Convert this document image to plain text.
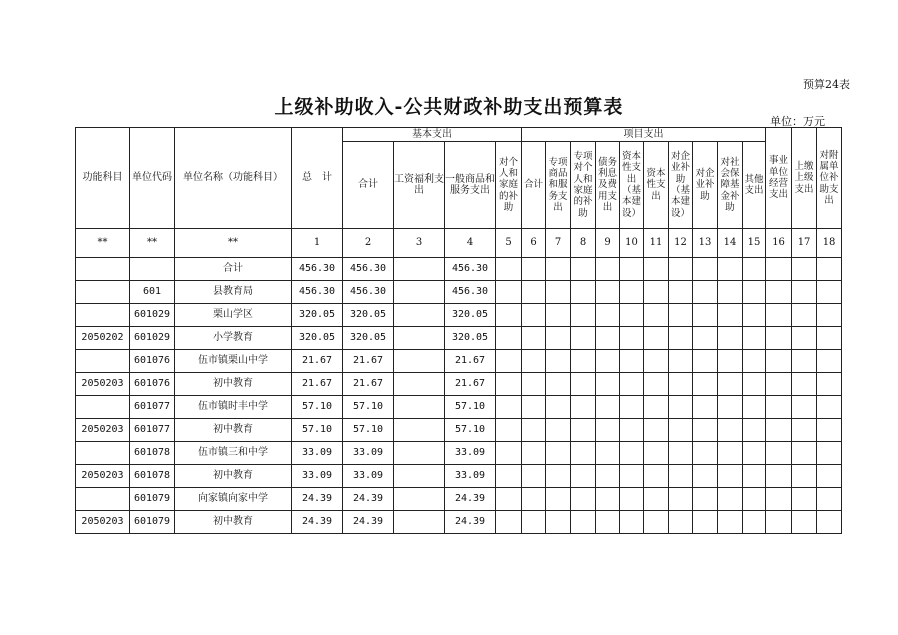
预算24表
上级补助收入-公共财政补助支出预算表
单位：万元
功能科目	单位代码	单位名称（功能科目）	总　计	基本支出				项目支出										事业单位经营支出	上缴上级支出	对附属单位补助支出
				合计	工资福利支出	一般商品和服务支出	对个人和家庭的补助	合计	专项商品和服务支出	专项对个人和家庭的补助	债务利息及费用支出	资本性支出（基本建设）	资本性支出	对企业补助（基本建设）	对企业补助	对社会保障基金补助	其他支出			
**	**	**	1	2	3	4	5	6	7	8	9	10	11	12	13	14	15	16	17	18
		合计	456.30	456.30		456.30														
	601	县教育局	456.30	456.30		456.30														
	601029	栗山学区	320.05	320.05		320.05														
2050202	601029	小学教育	320.05	320.05		320.05														
	601076	伍市镇栗山中学	21.67	21.67		21.67														
2050203	601076	初中教育	21.67	21.67		21.67														
	601077	伍市镇时丰中学	57.10	57.10		57.10														
2050203	601077	初中教育	57.10	57.10		57.10														
	601078	伍市镇三和中学	33.09	33.09		33.09														
2050203	601078	初中教育	33.09	33.09		33.09														
	601079	向家镇向家中学	24.39	24.39		24.39														
2050203	601079	初中教育	24.39	24.39		24.39														
